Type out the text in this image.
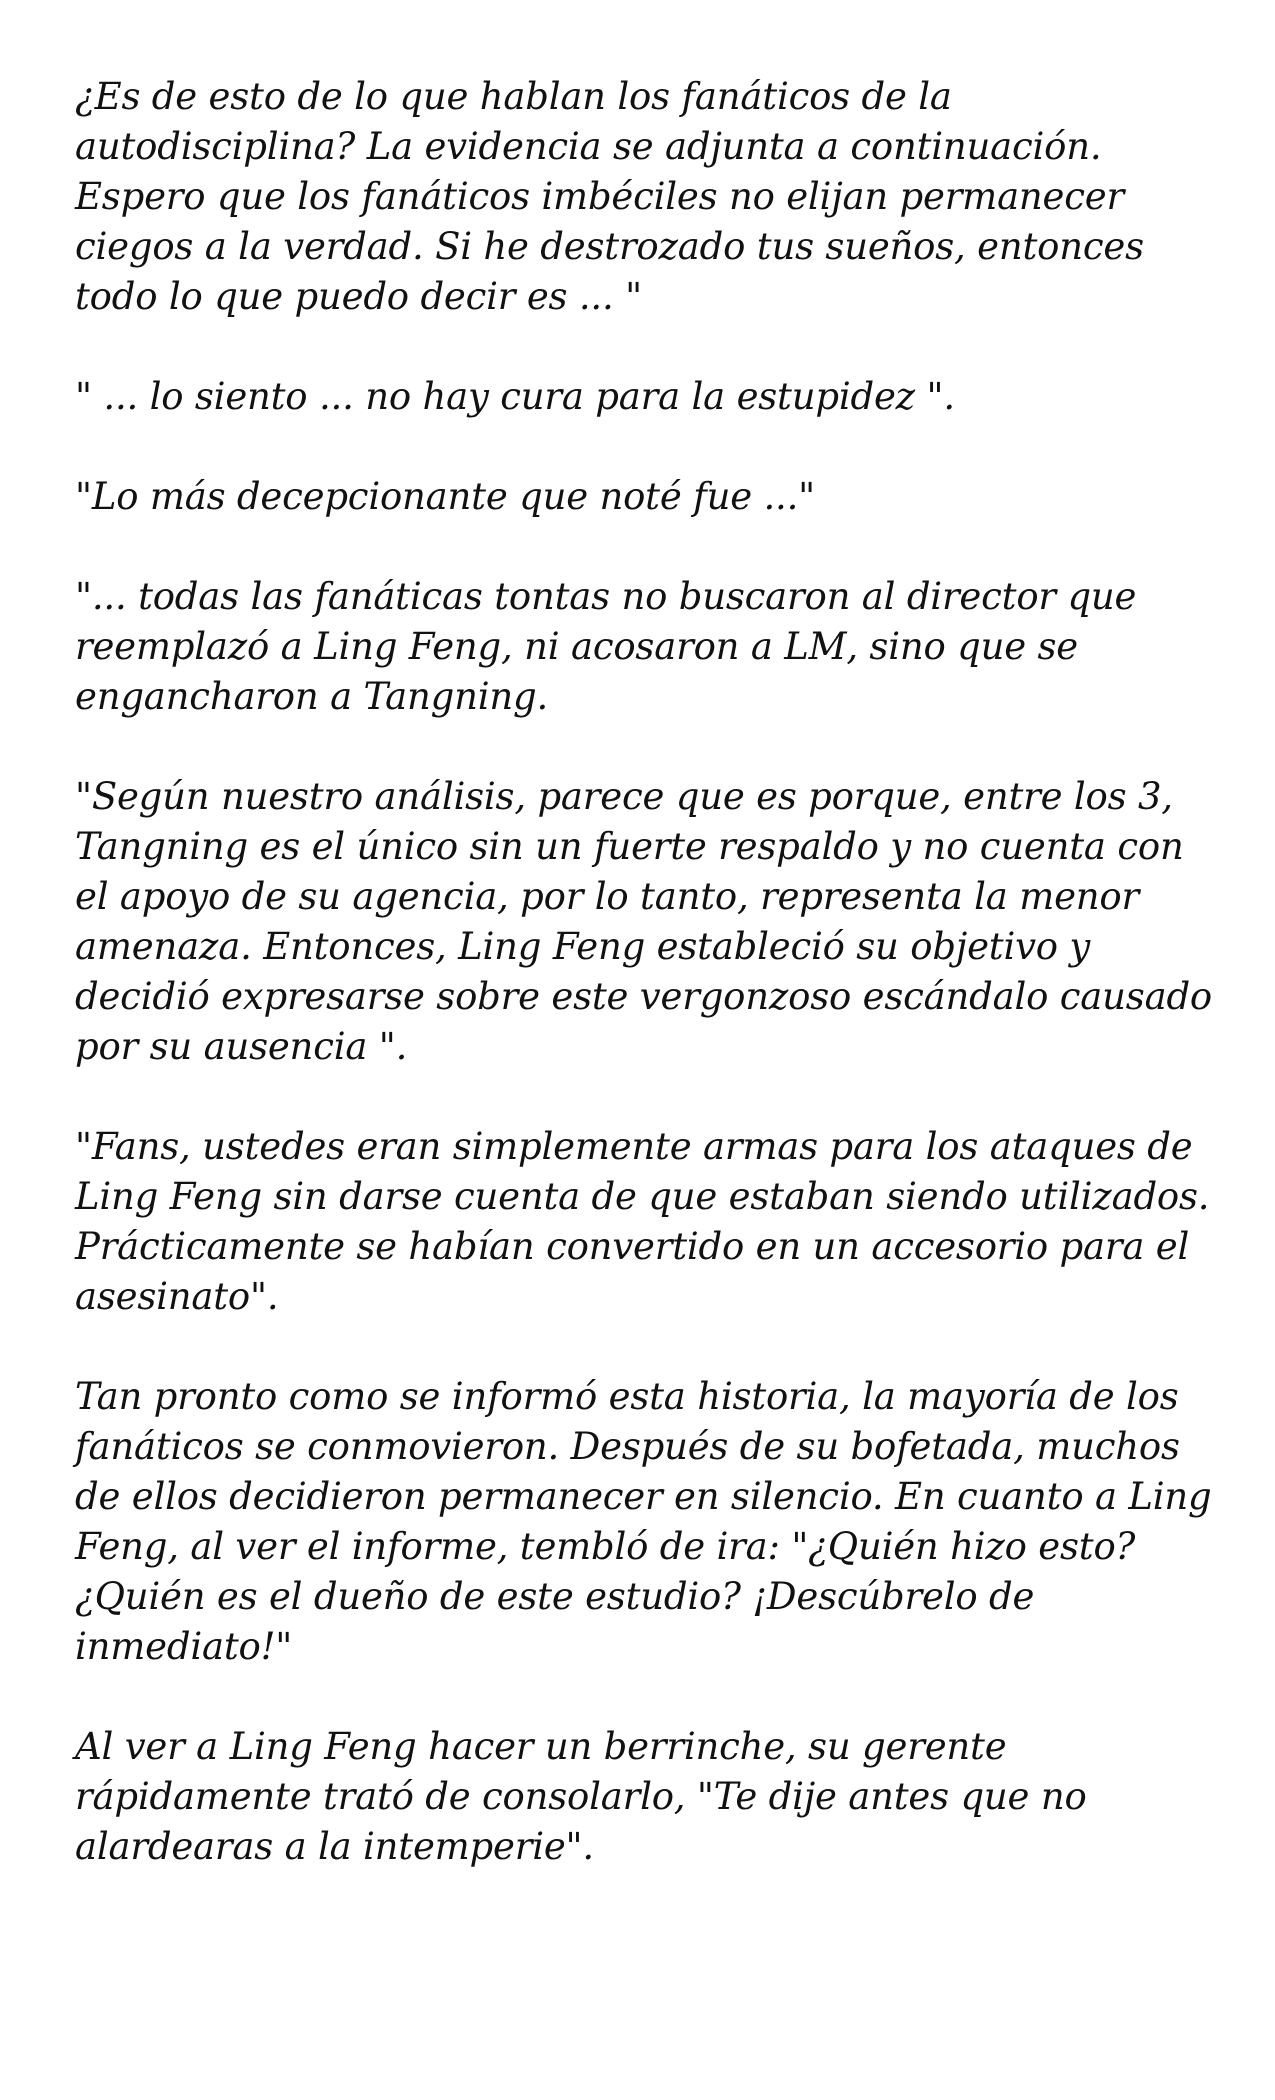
¿Es de esto de lo que hablan los fanáticos de la autodisciplina? La evidencia se adjunta a continuación. Espero que los fanáticos imbéciles no elijan permanecer ciegos a la verdad. Si he destrozado tus sueños, entonces todo lo que puedo decir es ... "

" ... lo siento ... no hay cura para la estupidez ".

"Lo más decepcionante que noté fue ..."

"... todas las fanáticas tontas no buscaron al director que reemplazó a Ling Feng, ni acosaron a LM, sino que se engancharon a Tangning.

"Según nuestro análisis, parece que es porque, entre los 3, Tangning es el único sin un fuerte respaldo y no cuenta con el apoyo de su agencia, por lo tanto, representa la menor amenaza. Entonces, Ling Feng estableció su objetivo y decidió expresarse sobre este vergonzoso escándalo causado por su ausencia ".

"Fans, ustedes eran simplemente armas para los ataques de Ling Feng sin darse cuenta de que estaban siendo utilizados. Prácticamente se habían convertido en un accesorio para el asesinato".

Tan pronto como se informó esta historia, la mayoría de los fanáticos se conmovieron. Después de su bofetada, muchos de ellos decidieron permanecer en silencio. En cuanto a Ling Feng, al ver el informe, tembló de ira: "¿Quién hizo esto? ¿Quién es el dueño de este estudio? ¡Descúbrelo de inmediato!"

Al ver a Ling Feng hacer un berrinche, su gerente rápidamente trató de consolarlo, "Te dije antes que no alardearas a la intemperie".
